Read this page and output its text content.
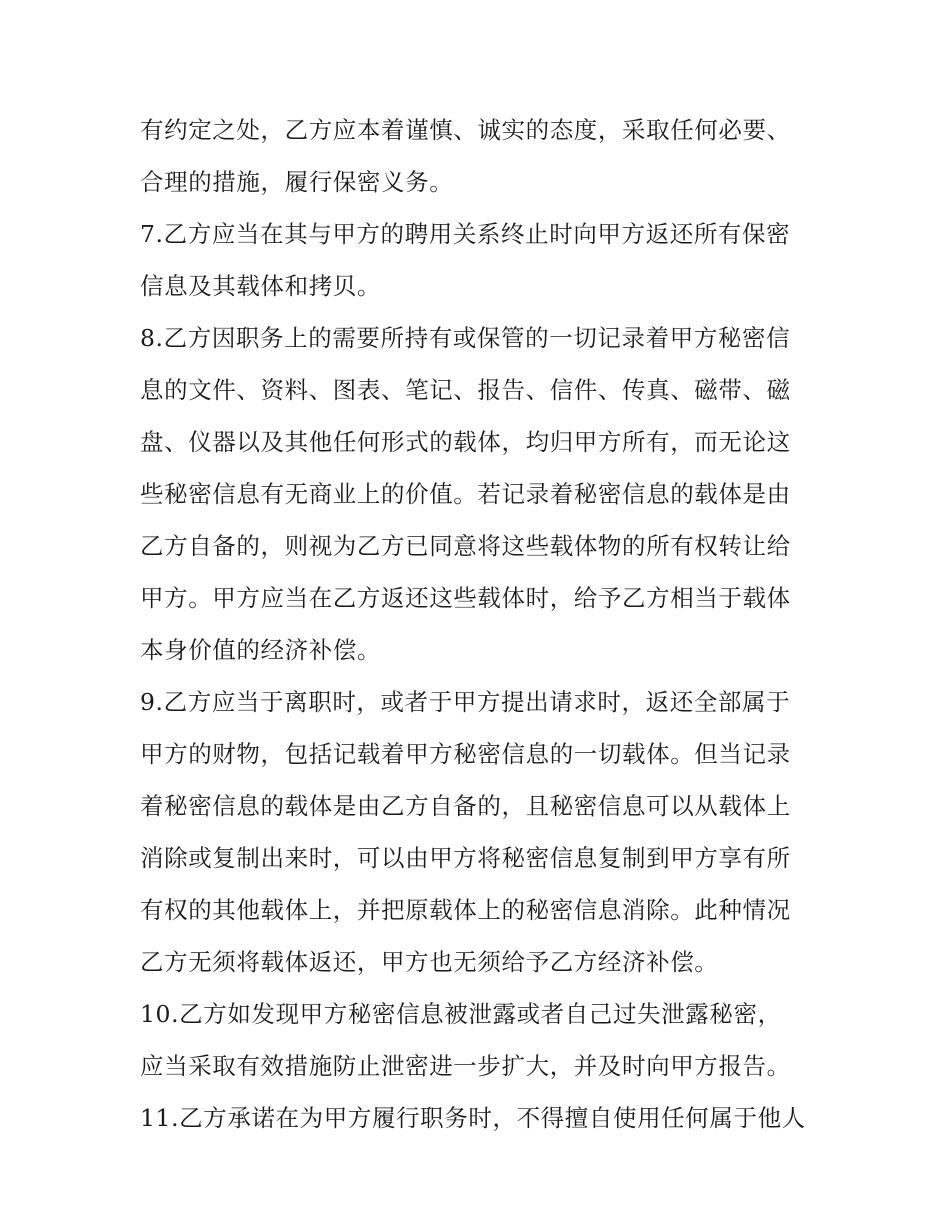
有约定之处，乙方应本着谨慎、诚实的态度，采取任何必要、
合理的措施，履行保密义务。
7.乙方应当在其与甲方的聘用关系终止时向甲方返还所有保密
信息及其载体和拷贝。
8.乙方因职务上的需要所持有或保管的一切记录着甲方秘密信
息的文件、资料、图表、笔记、报告、信件、传真、磁带、磁
盘、仪器以及其他任何形式的载体，均归甲方所有，而无论这
些秘密信息有无商业上的价值。若记录着秘密信息的载体是由
乙方自备的，则视为乙方已同意将这些载体物的所有权转让给
甲方。甲方应当在乙方返还这些载体时，给予乙方相当于载体
本身价值的经济补偿。
9.乙方应当于离职时，或者于甲方提出请求时，返还全部属于
甲方的财物，包括记载着甲方秘密信息的一切载体。但当记录
着秘密信息的载体是由乙方自备的，且秘密信息可以从载体上
消除或复制出来时，可以由甲方将秘密信息复制到甲方享有所
有权的其他载体上，并把原载体上的秘密信息消除。此种情况
乙方无须将载体返还，甲方也无须给予乙方经济补偿。
10.乙方如发现甲方秘密信息被泄露或者自己过失泄露秘密，
应当采取有效措施防止泄密进一步扩大，并及时向甲方报告。
11.乙方承诺在为甲方履行职务时，不得擅自使用任何属于他人
